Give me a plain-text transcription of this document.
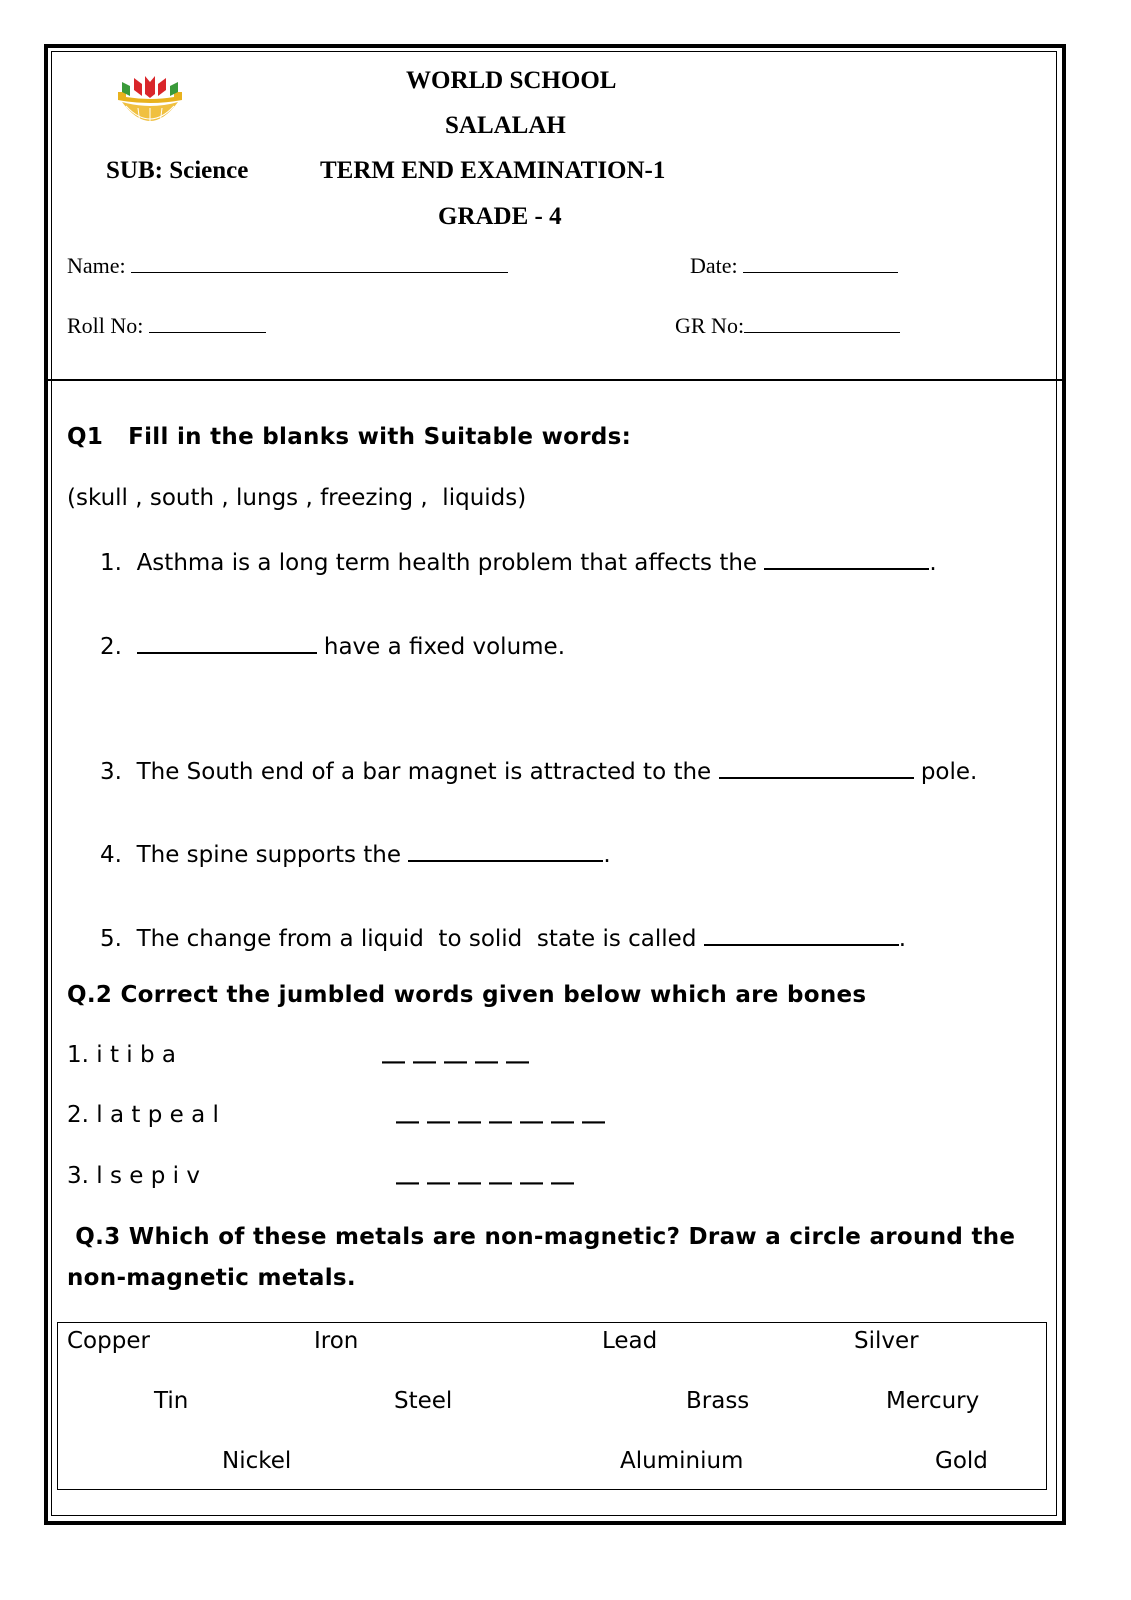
WORLD SCHOOL
SALALAH
SUB: Science	TERM END EXAMINATION-1
GRADE - 4
Name:	Date:
Roll No:	GR No:
Q1   Fill in the blanks with Suitable words:
(skull , south , lungs , freezing ,  liquids)
1. Asthma is a long term health problem that affects the	.
2.	have a fixed volume.
3. The South end of a bar magnet is attracted to the	pole.
4. The spine supports the	.
5. The change from a liquid  to solid  state is called	.
Q.2 Correct the jumbled words given below which are bones
1. i t i b a	__ __ __ __ __
2. l a t p e a l	__ __ __ __ __ __ __
3. l s e p i v	__ __ __ __ __ __
Q.3 Which of these metals are non-magnetic? Draw a circle around the
non-magnetic metals.
Copper	Iron	Lead	Silver
Tin	Steel	Brass	Mercury
Nickel	Aluminium	Gold
